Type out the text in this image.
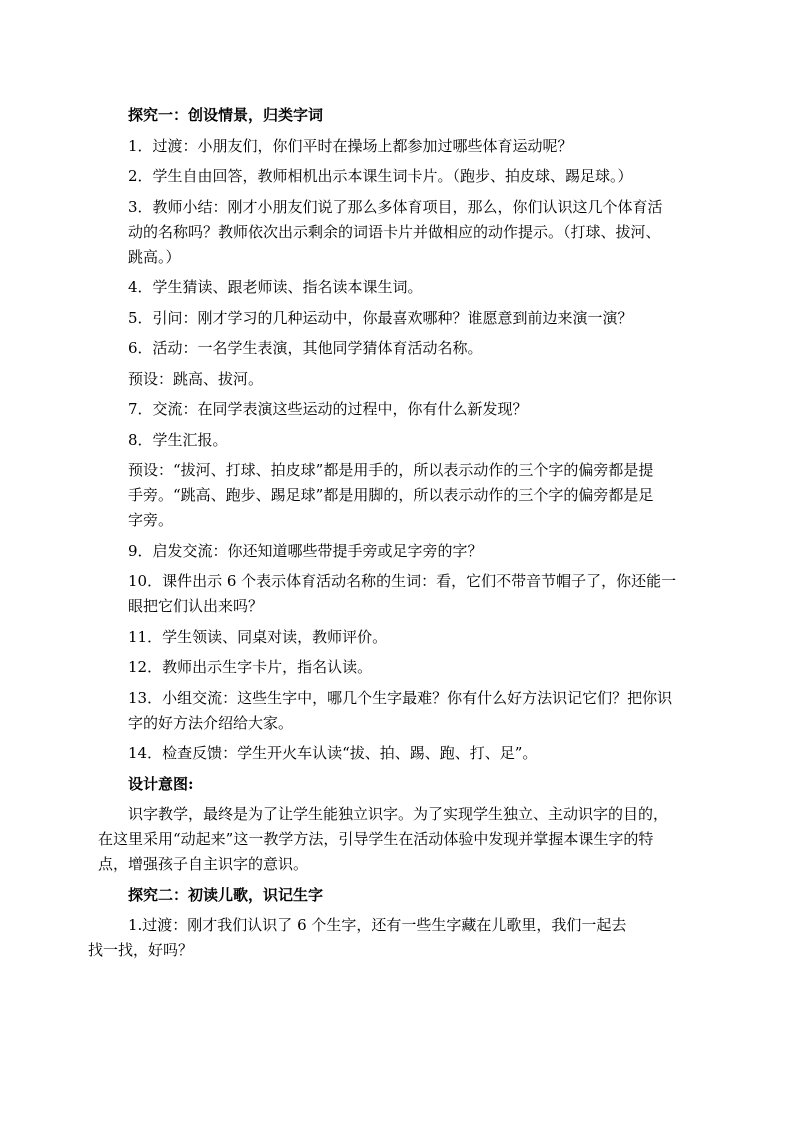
探究一：创设情景，归类字词
1．过渡：小朋友们，你们平时在操场上都参加过哪些体育运动呢？
2．学生自由回答，教师相机出示本课生词卡片。（跑步、拍皮球、踢足球。）
3．教师小结：刚才小朋友们说了那么多体育项目，那么，你们认识这几个体育活
动的名称吗？教师依次出示剩余的词语卡片并做相应的动作提示。（打球、拔河、
跳高。）
4．学生猜读、跟老师读、指名读本课生词。
5．引问：刚才学习的几种运动中，你最喜欢哪种？谁愿意到前边来演一演？
6．活动：一名学生表演，其他同学猜体育活动名称。
预设：跳高、拔河。
7．交流：在同学表演这些运动的过程中，你有什么新发现？
8．学生汇报。
预设：“拔河、打球、拍皮球”都是用手的，所以表示动作的三个字的偏旁都是提
手旁。“跳高、跑步、踢足球”都是用脚的，所以表示动作的三个字的偏旁都是足
字旁。
9．启发交流：你还知道哪些带提手旁或足字旁的字？
10．课件出示 6 个表示体育活动名称的生词：看，它们不带音节帽子了，你还能一
眼把它们认出来吗？
11．学生领读、同桌对读，教师评价。
12．教师出示生字卡片，指名认读。
13．小组交流：这些生字中，哪几个生字最难？你有什么好方法识记它们？把你识
字的好方法介绍给大家。
14．检查反馈：学生开火车认读“拔、拍、踢、跑、打、足”。
设计意图:
识字教学，最终是为了让学生能独立识字。为了实现学生独立、主动识字的目的，
在这里采用“动起来”这一教学方法，引导学生在活动体验中发现并掌握本课生字的特
点，增强孩子自主识字的意识。
探究二：初读儿歌，识记生字
1.过渡：刚才我们认识了 6 个生字，还有一些生字藏在儿歌里，我们一起去
找一找，好吗？
